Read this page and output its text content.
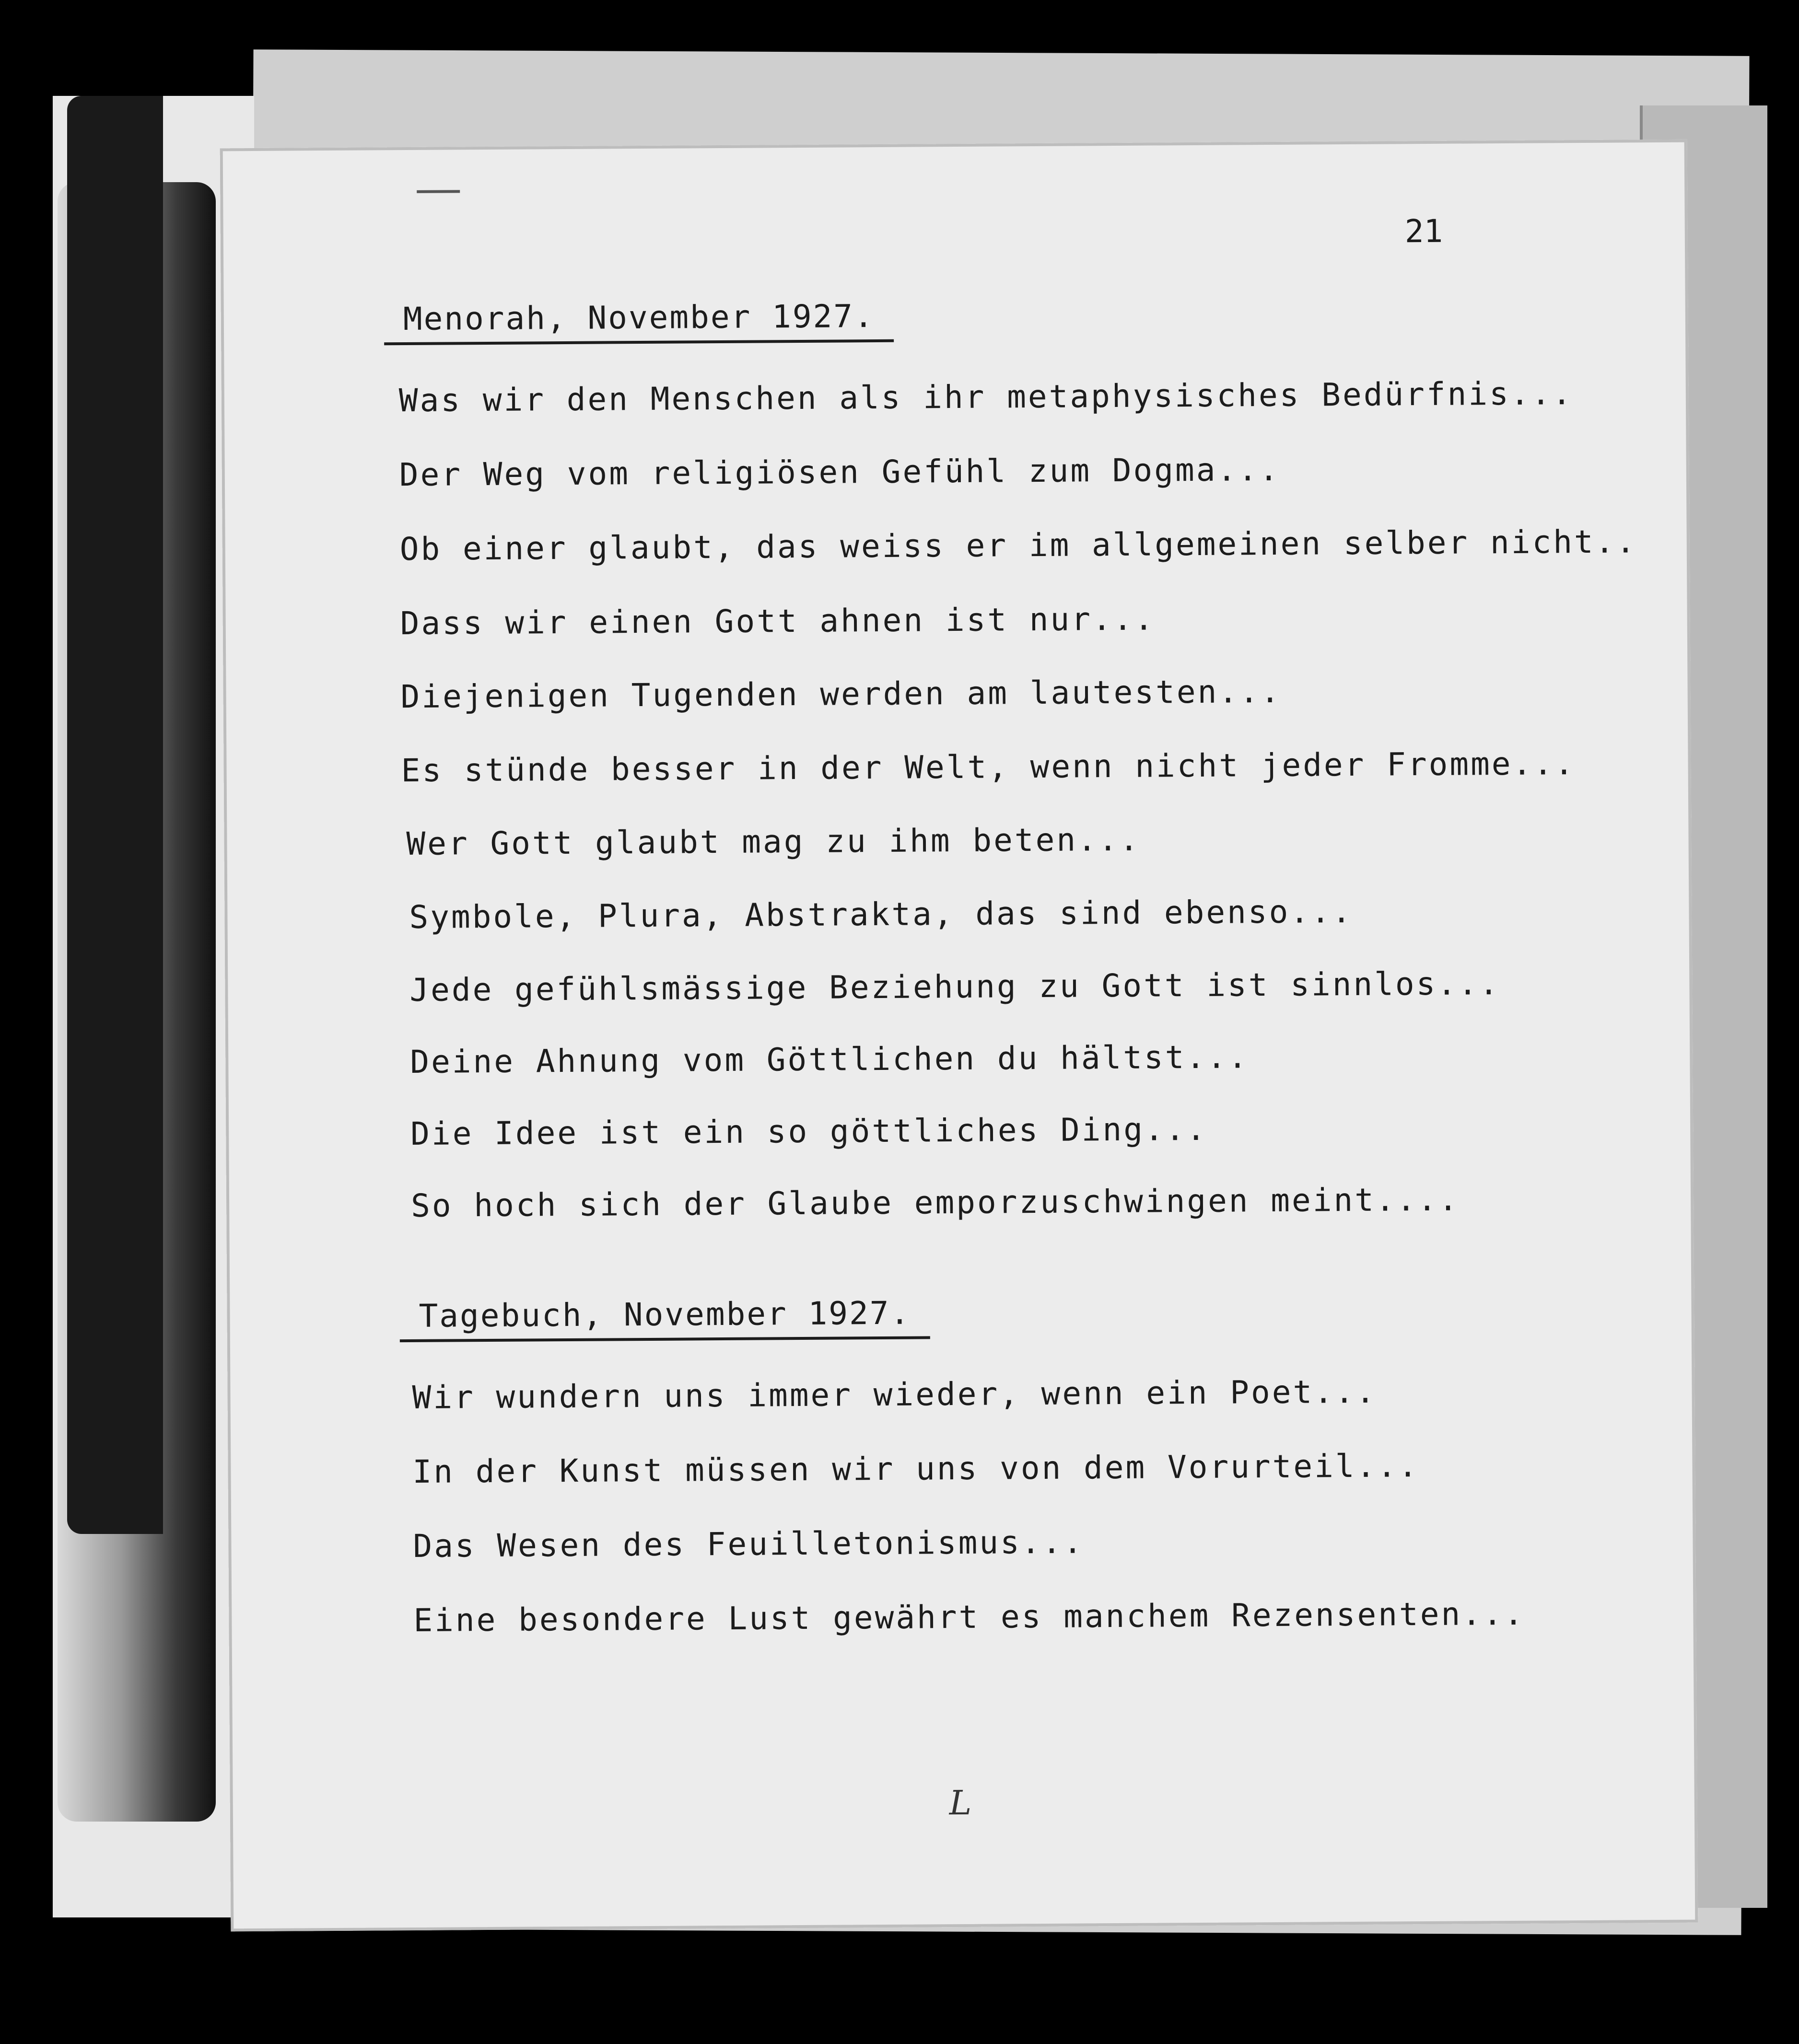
21
Menorah, November 1927.
Was wir den Menschen als ihr metaphysisches Bedürfnis...
Der Weg vom religiösen Gefühl zum Dogma...
Ob einer glaubt, das weiss er im allgemeinen selber nicht..
Dass wir einen Gott ahnen ist nur...
Diejenigen Tugenden werden am lautesten...
Es stünde besser in der Welt, wenn nicht jeder Fromme...
Wer Gott glaubt mag zu ihm beten...
Symbole, Plura, Abstrakta, das sind ebenso...
Jede gefühlsmässige Beziehung zu Gott ist sinnlos...
Deine Ahnung vom Göttlichen du hältst...
Die Idee ist ein so göttliches Ding...
So hoch sich der Glaube emporzuschwingen meint....
Tagebuch, November 1927.
Wir wundern uns immer wieder, wenn ein Poet...
In der Kunst müssen wir uns von dem Vorurteil...
Das Wesen des Feuilletonismus...
Eine besondere Lust gewährt es manchem Rezensenten...
L
